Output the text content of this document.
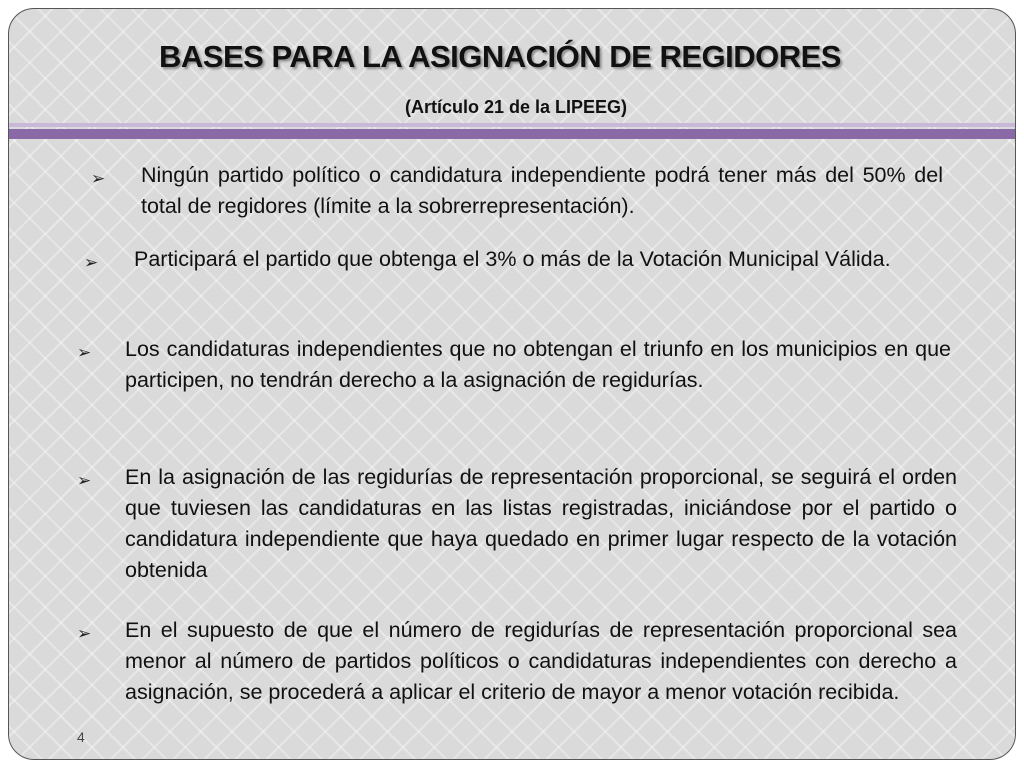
BASES PARA LA ASIGNACIÓN DE REGIDORES
(Artículo 21 de la LIPEEG)
➢ Ningún partido político o candidatura independiente podrá tener más del 50% del total de regidores (límite a la sobrerrepresentación).
➢ Participará el partido que obtenga el 3% o más de la Votación Municipal Válida.
➢ Los candidaturas independientes que no obtengan el triunfo en los municipios en que participen, no tendrán derecho a la asignación de regidurías.
➢ En la asignación de las regidurías de representación proporcional, se seguirá el orden que tuviesen las candidaturas en las listas registradas, iniciándose por el partido o candidatura independiente que haya quedado en primer lugar respecto de la votación obtenida
➢ En el supuesto de que el número de regidurías de representación proporcional sea menor al número de partidos políticos o candidaturas independientes con derecho a asignación, se procederá a aplicar el criterio de mayor a menor votación recibida.
4
